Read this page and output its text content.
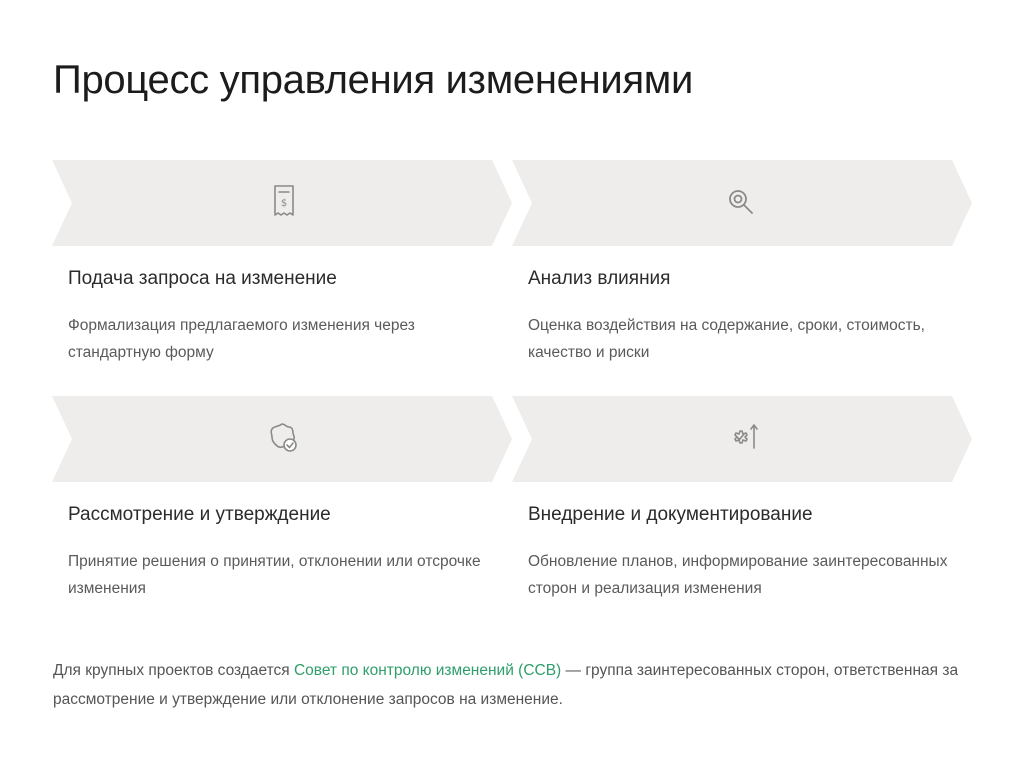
Процесс управления изменениями
$
Подача запроса на изменение
Формализация предлагаемого изменения через стандартную форму
Анализ влияния
Оценка воздействия на содержание, сроки, стоимость, качество и риски
Рассмотрение и утверждение
Принятие решения о принятии, отклонении или отсрочке изменения
Внедрение и документирование
Обновление планов, информирование заинтересованных сторон и реализация изменения

Для крупных проектов создается Совет по контролю изменений (ССВ) — группа заинтересованных сторон, ответственная за рассмотрение и утверждение или отклонение запросов на изменение.
